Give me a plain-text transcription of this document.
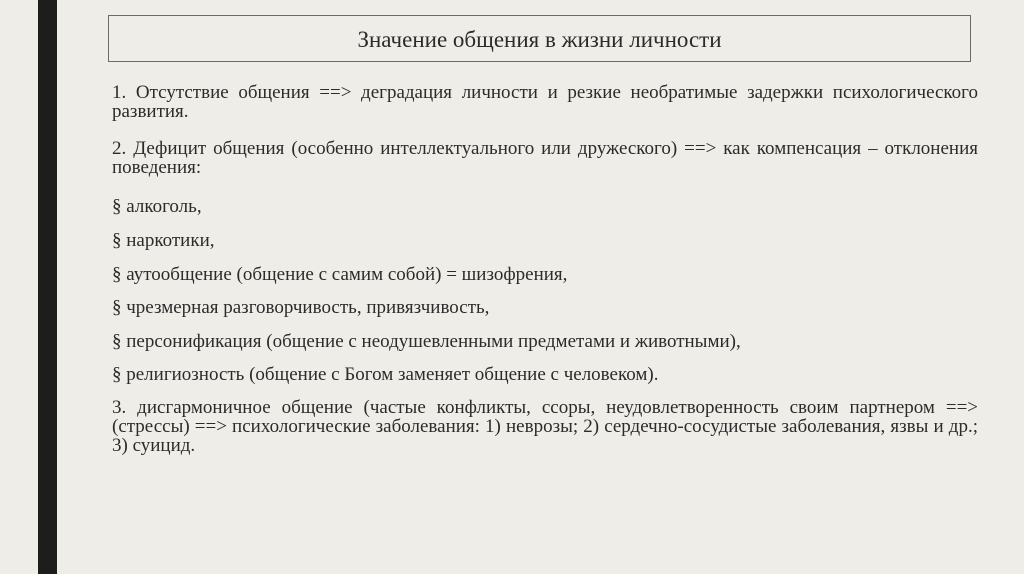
Значение общения в жизни личности

1. Отсутствие общения ==> деградация личности и резкие необратимые задержки психологического развития.

2. Дефицит общения (особенно интеллектуального или дружеского) ==> как компенсация – отклонения поведения:

§ алкоголь,
§ наркотики,
§ аутообщение (общение с самим собой) = шизофрения,
§ чрезмерная разговорчивость, привязчивость,
§ персонификация (общение с неодушевленными предметами и животными),
§ религиозность (общение с Богом заменяет общение с человеком).

3. дисгармоничное общение (частые конфликты, ссоры, неудовлетворенность своим партнером ==> (стрессы) ==> психологические заболевания: 1) неврозы; 2) сердечно-сосудистые заболевания, язвы и др.; 3) суицид.
